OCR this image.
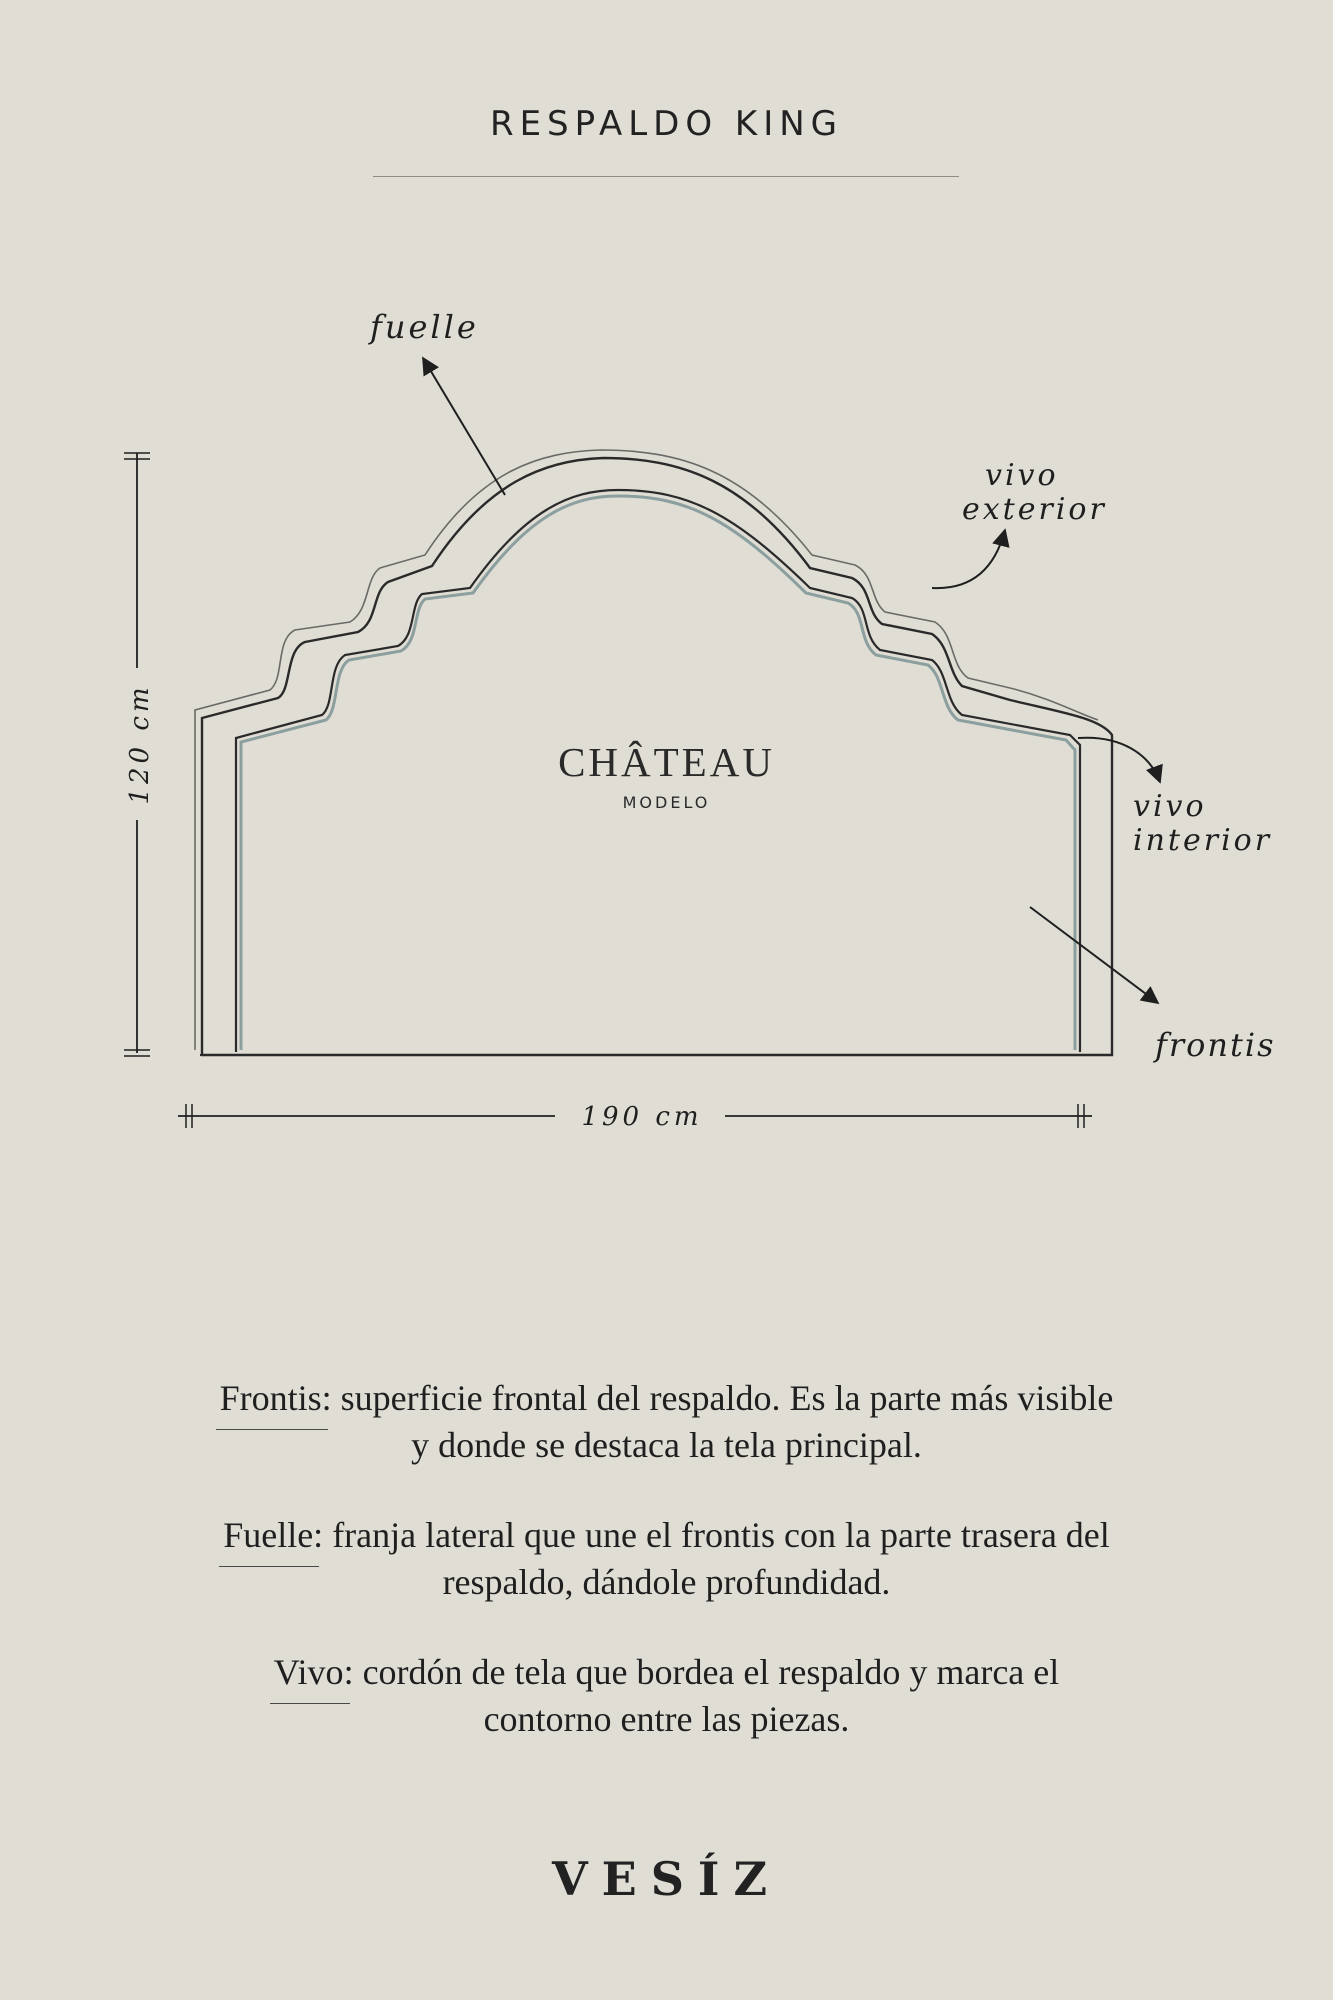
RESPALDO KING
fuelle
vivo
exterior
vivo
interior
frontis
120 cm
190 cm
CHÂTEAU
MODELO
Frontis: superficie frontal del respaldo. Es la parte más visible
y donde se destaca la tela principal.
Fuelle: franja lateral que une el frontis con la parte trasera del
respaldo, dándole profundidad.
Vivo: cordón de tela que bordea el respaldo y marca el
contorno entre las piezas.
VESÍZ
